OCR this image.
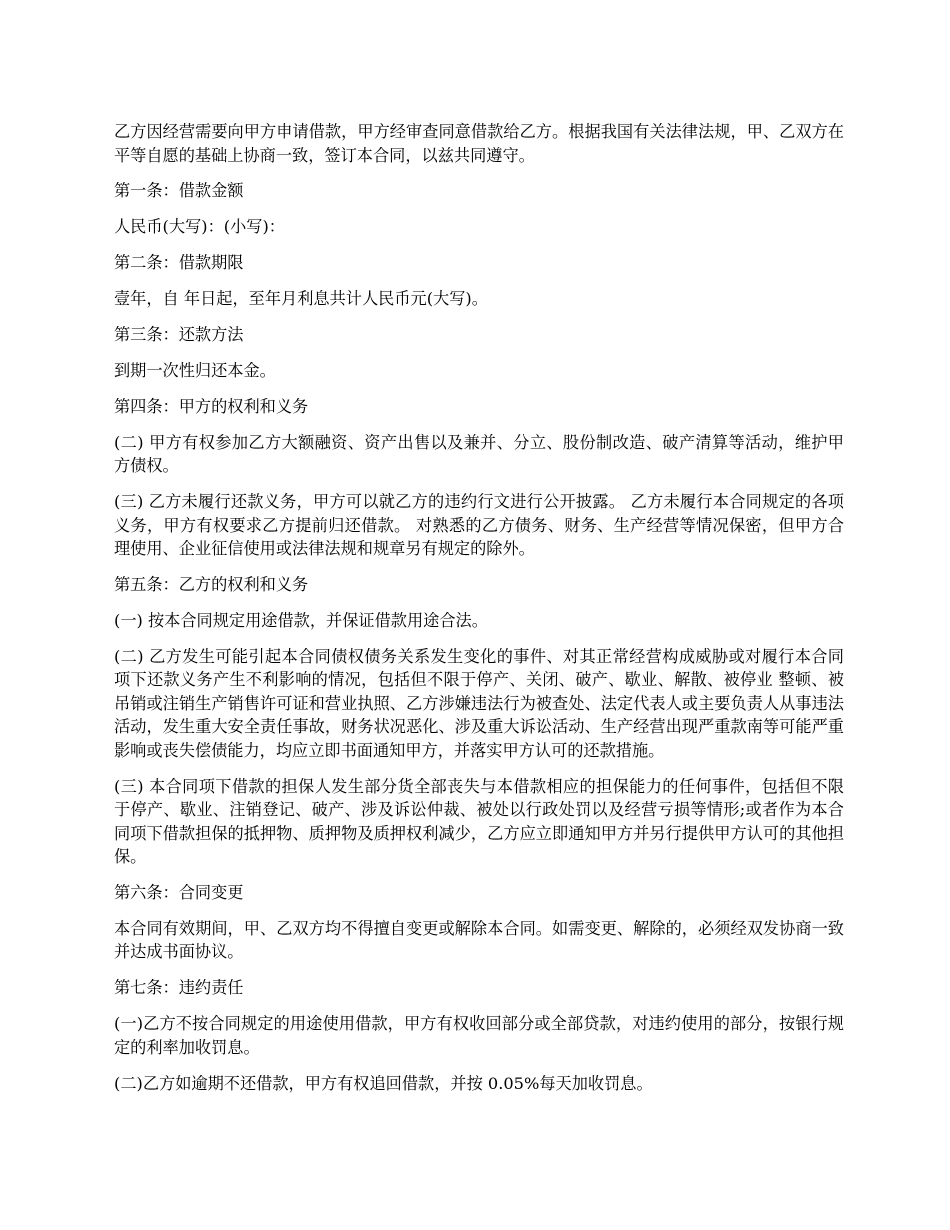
乙方因经营需要向甲方申请借款，甲方经审查同意借款给乙方。根据我国有关法律法规，甲、乙双方在平等自愿的基础上协商一致，签订本合同，以兹共同遵守。

第一条：借款金额

人民币(大写)：(小写)：

第二条：借款期限

壹年，自 年日起，至年月利息共计人民币元(大写)。

第三条：还款方法

到期一次性归还本金。

第四条：甲方的权利和义务

(二) 甲方有权参加乙方大额融资、资产出售以及兼并、分立、股份制改造、破产清算等活动，维护甲方债权。

(三) 乙方未履行还款义务，甲方可以就乙方的违约行文进行公开披露。 乙方未履行本合同规定的各项义务，甲方有权要求乙方提前归还借款。 对熟悉的乙方债务、财务、生产经营等情况保密，但甲方合理使用、企业征信使用或法律法规和规章另有规定的除外。

第五条：乙方的权利和义务

(一) 按本合同规定用途借款，并保证借款用途合法。

(二) 乙方发生可能引起本合同债权债务关系发生变化的事件、对其正常经营构成威胁或对履行本合同项下还款义务产生不利影响的情况，包括但不限于停产、关闭、破产、歇业、解散、被停业 整顿、被吊销或注销生产销售许可证和营业执照、乙方涉嫌违法行为被查处、法定代表人或主要负责人从事违法活动，发生重大安全责任事故，财务状况恶化、涉及重大诉讼活动、生产经营出现严重款南等可能严重影响或丧失偿债能力，均应立即书面通知甲方，并落实甲方认可的还款措施。

(三) 本合同项下借款的担保人发生部分货全部丧失与本借款相应的担保能力的任何事件，包括但不限于停产、歇业、注销登记、破产、涉及诉讼仲裁、被处以行政处罚以及经营亏损等情形;或者作为本合同项下借款担保的抵押物、质押物及质押权利减少，乙方应立即通知甲方并另行提供甲方认可的其他担保。

第六条：合同变更

本合同有效期间，甲、乙双方均不得擅自变更或解除本合同。如需变更、解除的，必须经双发协商一致并达成书面协议。

第七条：违约责任

(一)乙方不按合同规定的用途使用借款，甲方有权收回部分或全部贷款，对违约使用的部分，按银行规定的利率加收罚息。

(二)乙方如逾期不还借款，甲方有权追回借款，并按 0.05%每天加收罚息。
